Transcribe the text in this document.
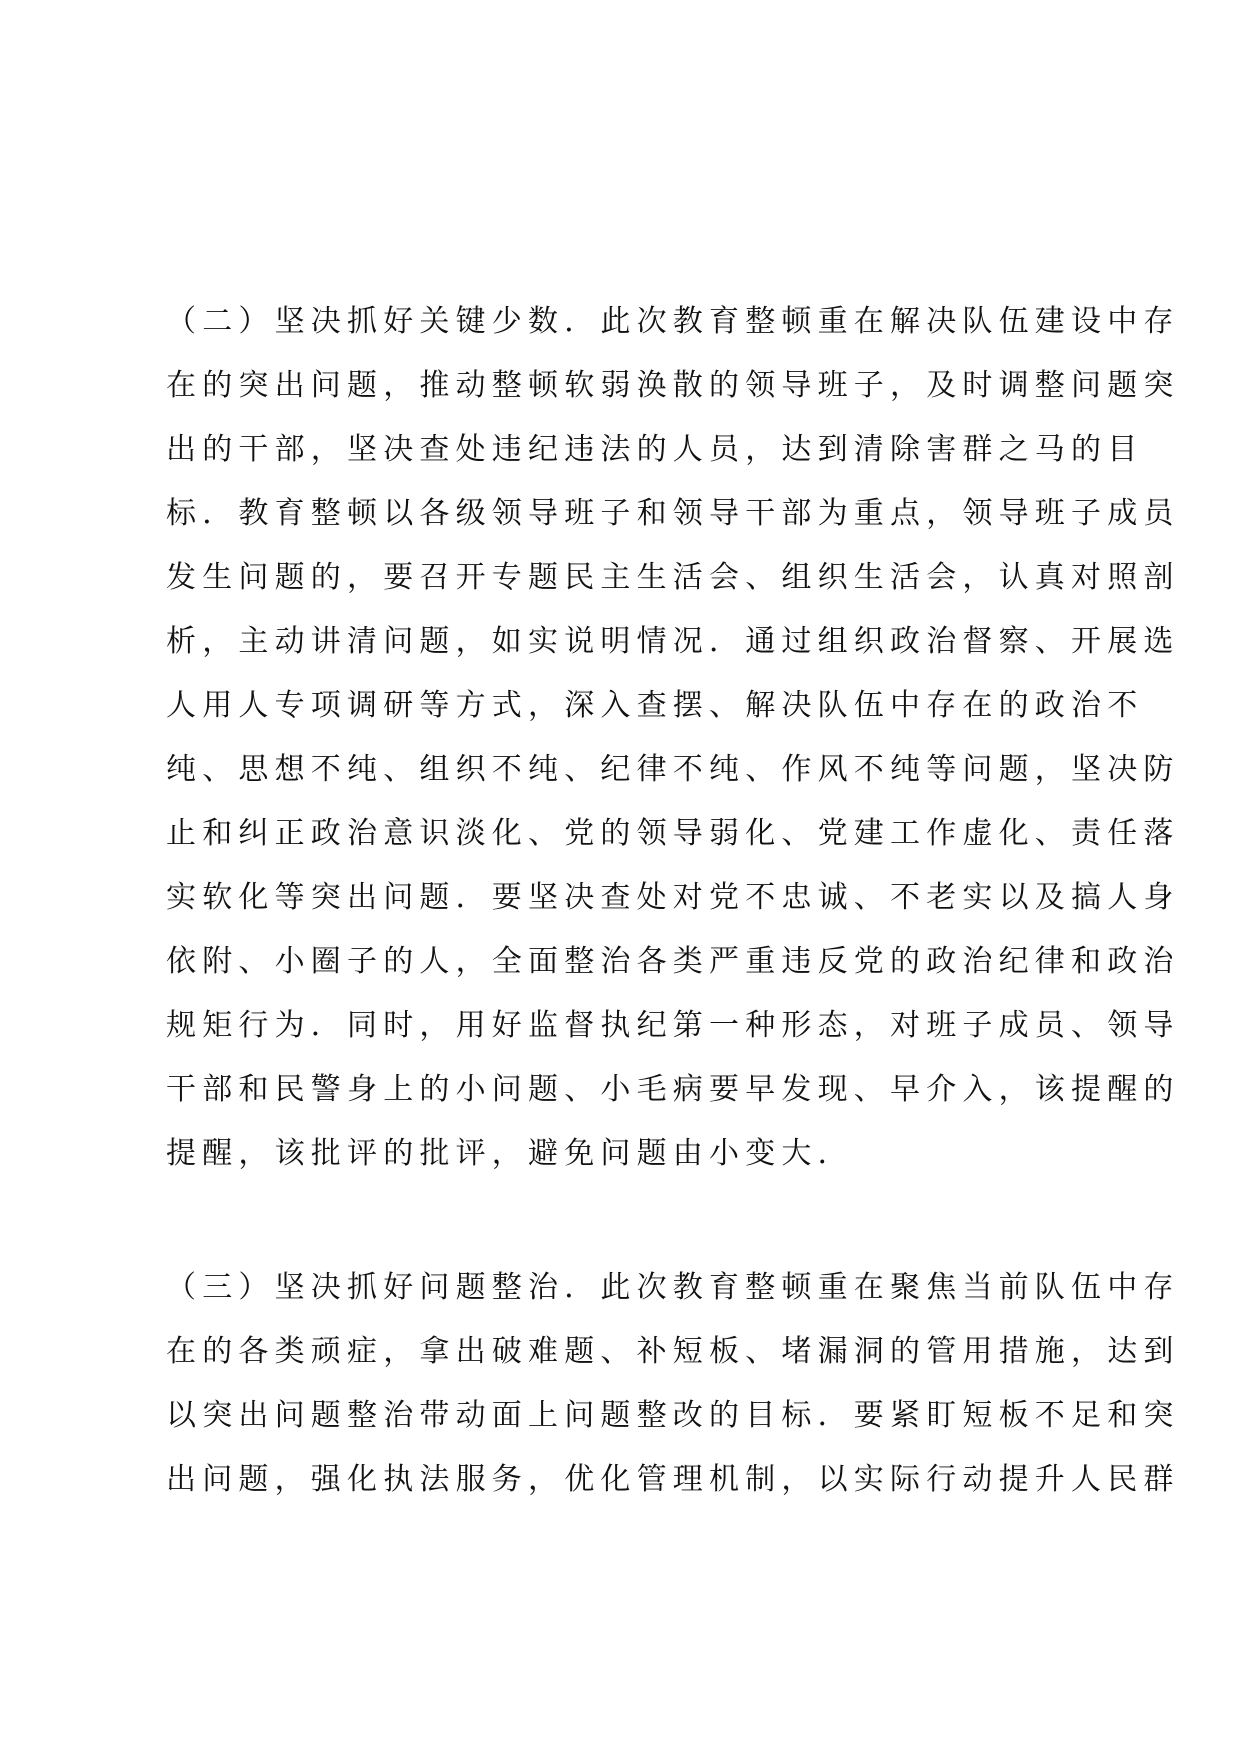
（二）坚决抓好关键少数．此次教育整顿重在解决队伍建设中存
在的突出问题，推动整顿软弱涣散的领导班子，及时调整问题突
出的干部，坚决查处违纪违法的人员，达到清除害群之马的目
标．教育整顿以各级领导班子和领导干部为重点，领导班子成员
发生问题的，要召开专题民主生活会、组织生活会，认真对照剖
析，主动讲清问题，如实说明情况．通过组织政治督察、开展选
人用人专项调研等方式，深入查摆、解决队伍中存在的政治不
纯、思想不纯、组织不纯、纪律不纯、作风不纯等问题，坚决防
止和纠正政治意识淡化、党的领导弱化、党建工作虚化、责任落
实软化等突出问题．要坚决查处对党不忠诚、不老实以及搞人身
依附、小圈子的人，全面整治各类严重违反党的政治纪律和政治
规矩行为．同时，用好监督执纪第一种形态，对班子成员、领导
干部和民警身上的小问题、小毛病要早发现、早介入，该提醒的
提醒，该批评的批评，避免问题由小变大．
（三）坚决抓好问题整治．此次教育整顿重在聚焦当前队伍中存
在的各类顽症，拿出破难题、补短板、堵漏洞的管用措施，达到
以突出问题整治带动面上问题整改的目标．要紧盯短板不足和突
出问题，强化执法服务，优化管理机制，以实际行动提升人民群
